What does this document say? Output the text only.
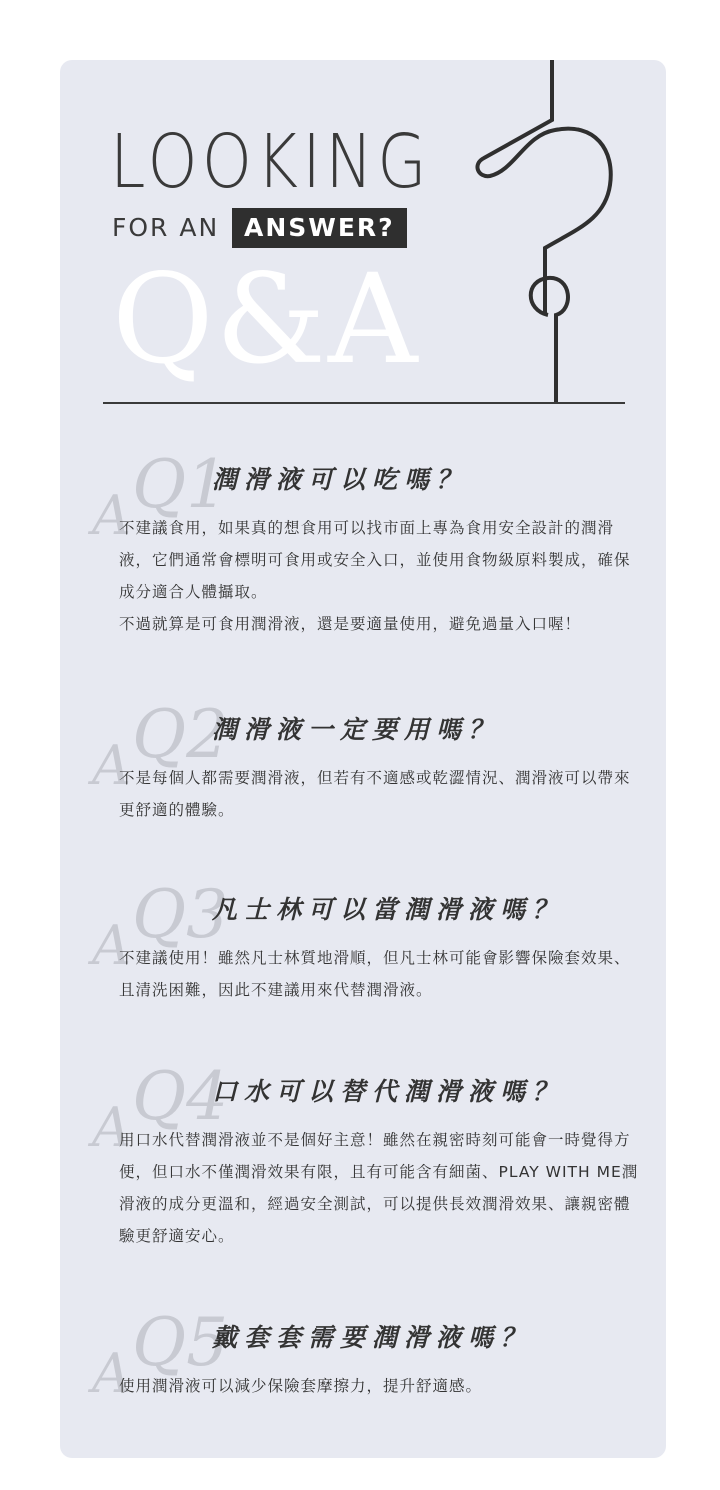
LOOKING
FOR AN ANSWER?
Q&A
Q1
潤滑液可以吃嗎？
A

不建議食用，如果真的想食用可以找市面上專為食用安全設計的潤滑液，它們通常會標明可食用或安全入口，並使用食物級原料製成，確保成分適合人體攝取。

不過就算是可食用潤滑液，還是要適量使用，避免過量入口喔！

Q2
潤滑液一定要用嗎？
A

不是每個人都需要潤滑液，但若有不適感或乾澀情況、潤滑液可以帶來更舒適的體驗。

Q3
凡士林可以當潤滑液嗎？
A

不建議使用！雖然凡士林質地滑順，但凡士林可能會影響保險套效果、且清洗困難，因此不建議用來代替潤滑液。

Q4
口水可以替代潤滑液嗎？
A

用口水代替潤滑液並不是個好主意！雖然在親密時刻可能會一時覺得方便，但口水不僅潤滑效果有限，且有可能含有細菌、PLAY WITH ME潤滑液的成分更溫和，經過安全測試，可以提供長效潤滑效果、讓親密體驗更舒適安心。

Q5
戴套套需要潤滑液嗎？
A

使用潤滑液可以減少保險套摩擦力，提升舒適感。
